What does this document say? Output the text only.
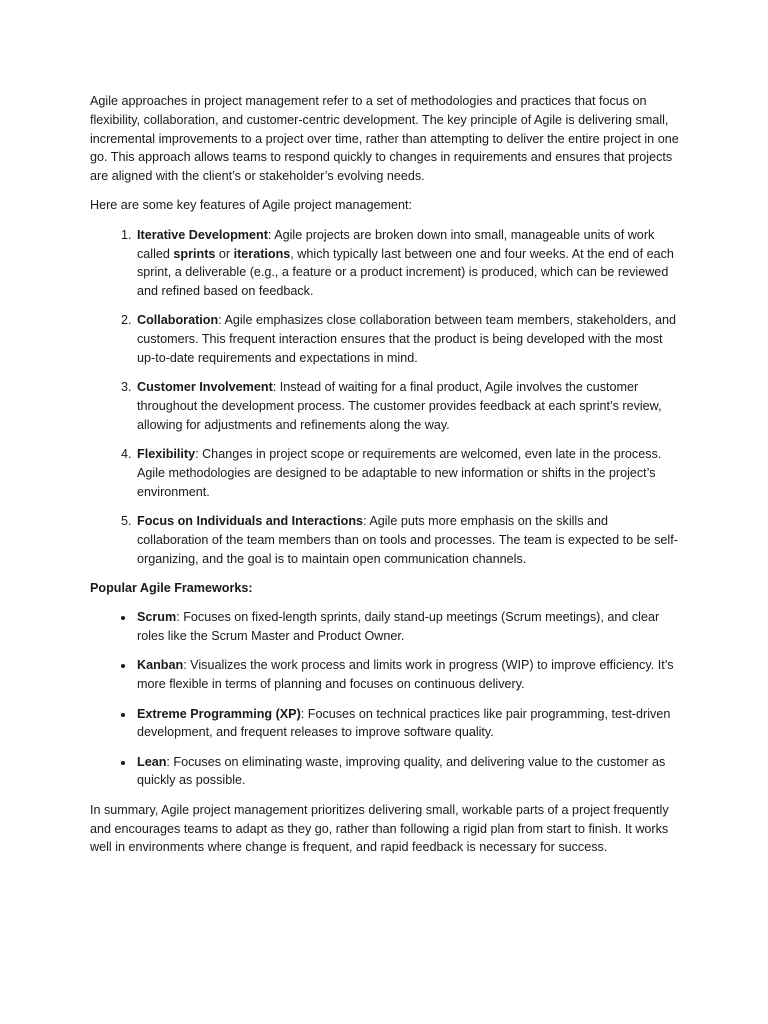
Agile approaches in project management refer to a set of methodologies and practices that focus on flexibility, collaboration, and customer-centric development. The key principle of Agile is delivering small, incremental improvements to a project over time, rather than attempting to deliver the entire project in one go. This approach allows teams to respond quickly to changes in requirements and ensures that projects are aligned with the client’s or stakeholder’s evolving needs.

Here are some key features of Agile project management:

1. Iterative Development: Agile projects are broken down into small, manageable units of work called sprints or iterations, which typically last between one and four weeks. At the end of each sprint, a deliverable (e.g., a feature or a product increment) is produced, which can be reviewed and refined based on feedback.
2. Collaboration: Agile emphasizes close collaboration between team members, stakeholders, and customers. This frequent interaction ensures that the product is being developed with the most up-to-date requirements and expectations in mind.
3. Customer Involvement: Instead of waiting for a final product, Agile involves the customer throughout the development process. The customer provides feedback at each sprint’s review, allowing for adjustments and refinements along the way.
4. Flexibility: Changes in project scope or requirements are welcomed, even late in the process. Agile methodologies are designed to be adaptable to new information or shifts in the project’s environment.
5. Focus on Individuals and Interactions: Agile puts more emphasis on the skills and collaboration of the team members than on tools and processes. The team is expected to be self-organizing, and the goal is to maintain open communication channels.

Popular Agile Frameworks:

• Scrum: Focuses on fixed-length sprints, daily stand-up meetings (Scrum meetings), and clear roles like the Scrum Master and Product Owner.
• Kanban: Visualizes the work process and limits work in progress (WIP) to improve efficiency. It’s more flexible in terms of planning and focuses on continuous delivery.
• Extreme Programming (XP): Focuses on technical practices like pair programming, test-driven development, and frequent releases to improve software quality.
• Lean: Focuses on eliminating waste, improving quality, and delivering value to the customer as quickly as possible.

In summary, Agile project management prioritizes delivering small, workable parts of a project frequently and encourages teams to adapt as they go, rather than following a rigid plan from start to finish. It works well in environments where change is frequent, and rapid feedback is necessary for success.
